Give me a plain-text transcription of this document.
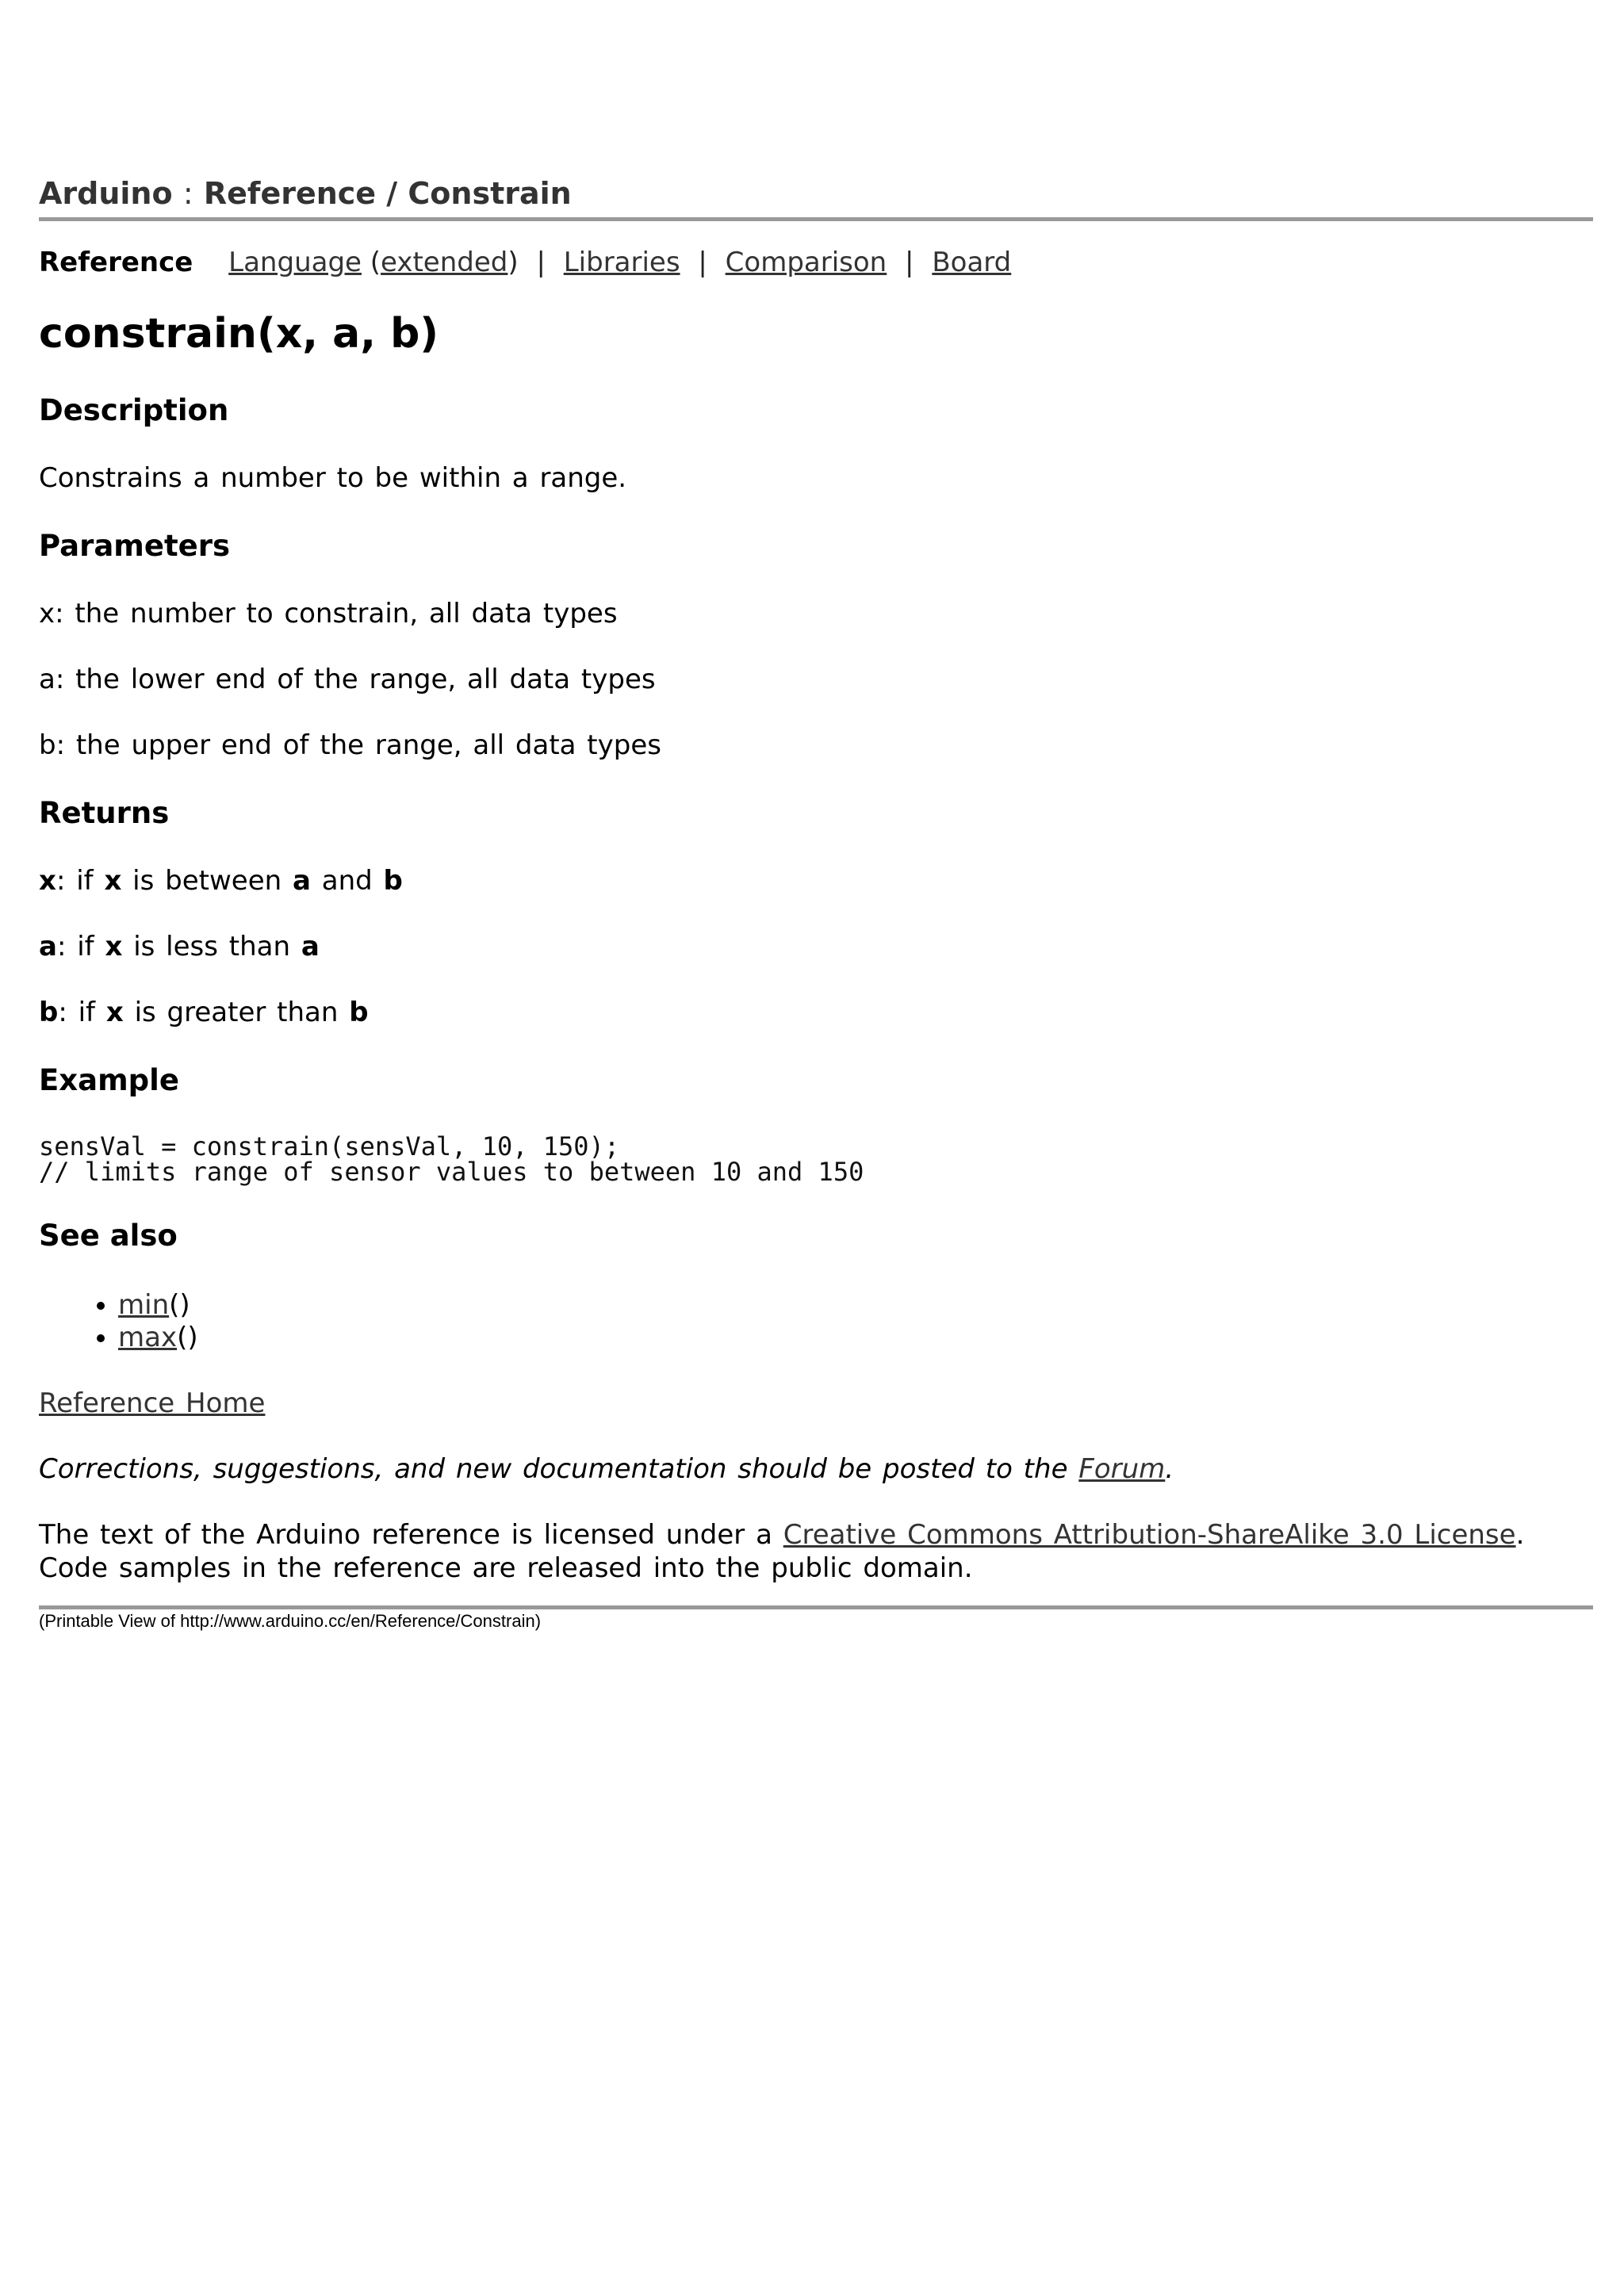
Arduino : Reference / Constrain
Reference Language (extended) | Libraries | Comparison | Board
constrain(x, a, b)
Description

Constrains a number to be within a range.

Parameters

x: the number to constrain, all data types

a: the lower end of the range, all data types

b: the upper end of the range, all data types

Returns

x: if x is between a and b

a: if x is less than a

b: if x is greater than b

Example
sensVal = constrain(sensVal, 10, 150);
// limits range of sensor values to between 10 and 150
See also
• min()
• max()

Reference Home

Corrections, suggestions, and new documentation should be posted to the Forum.

The text of the Arduino reference is licensed under a Creative Commons Attribution-ShareAlike 3.0 License. Code samples in the reference are released into the public domain.

(Printable View of http://www.arduino.cc/en/Reference/Constrain)
